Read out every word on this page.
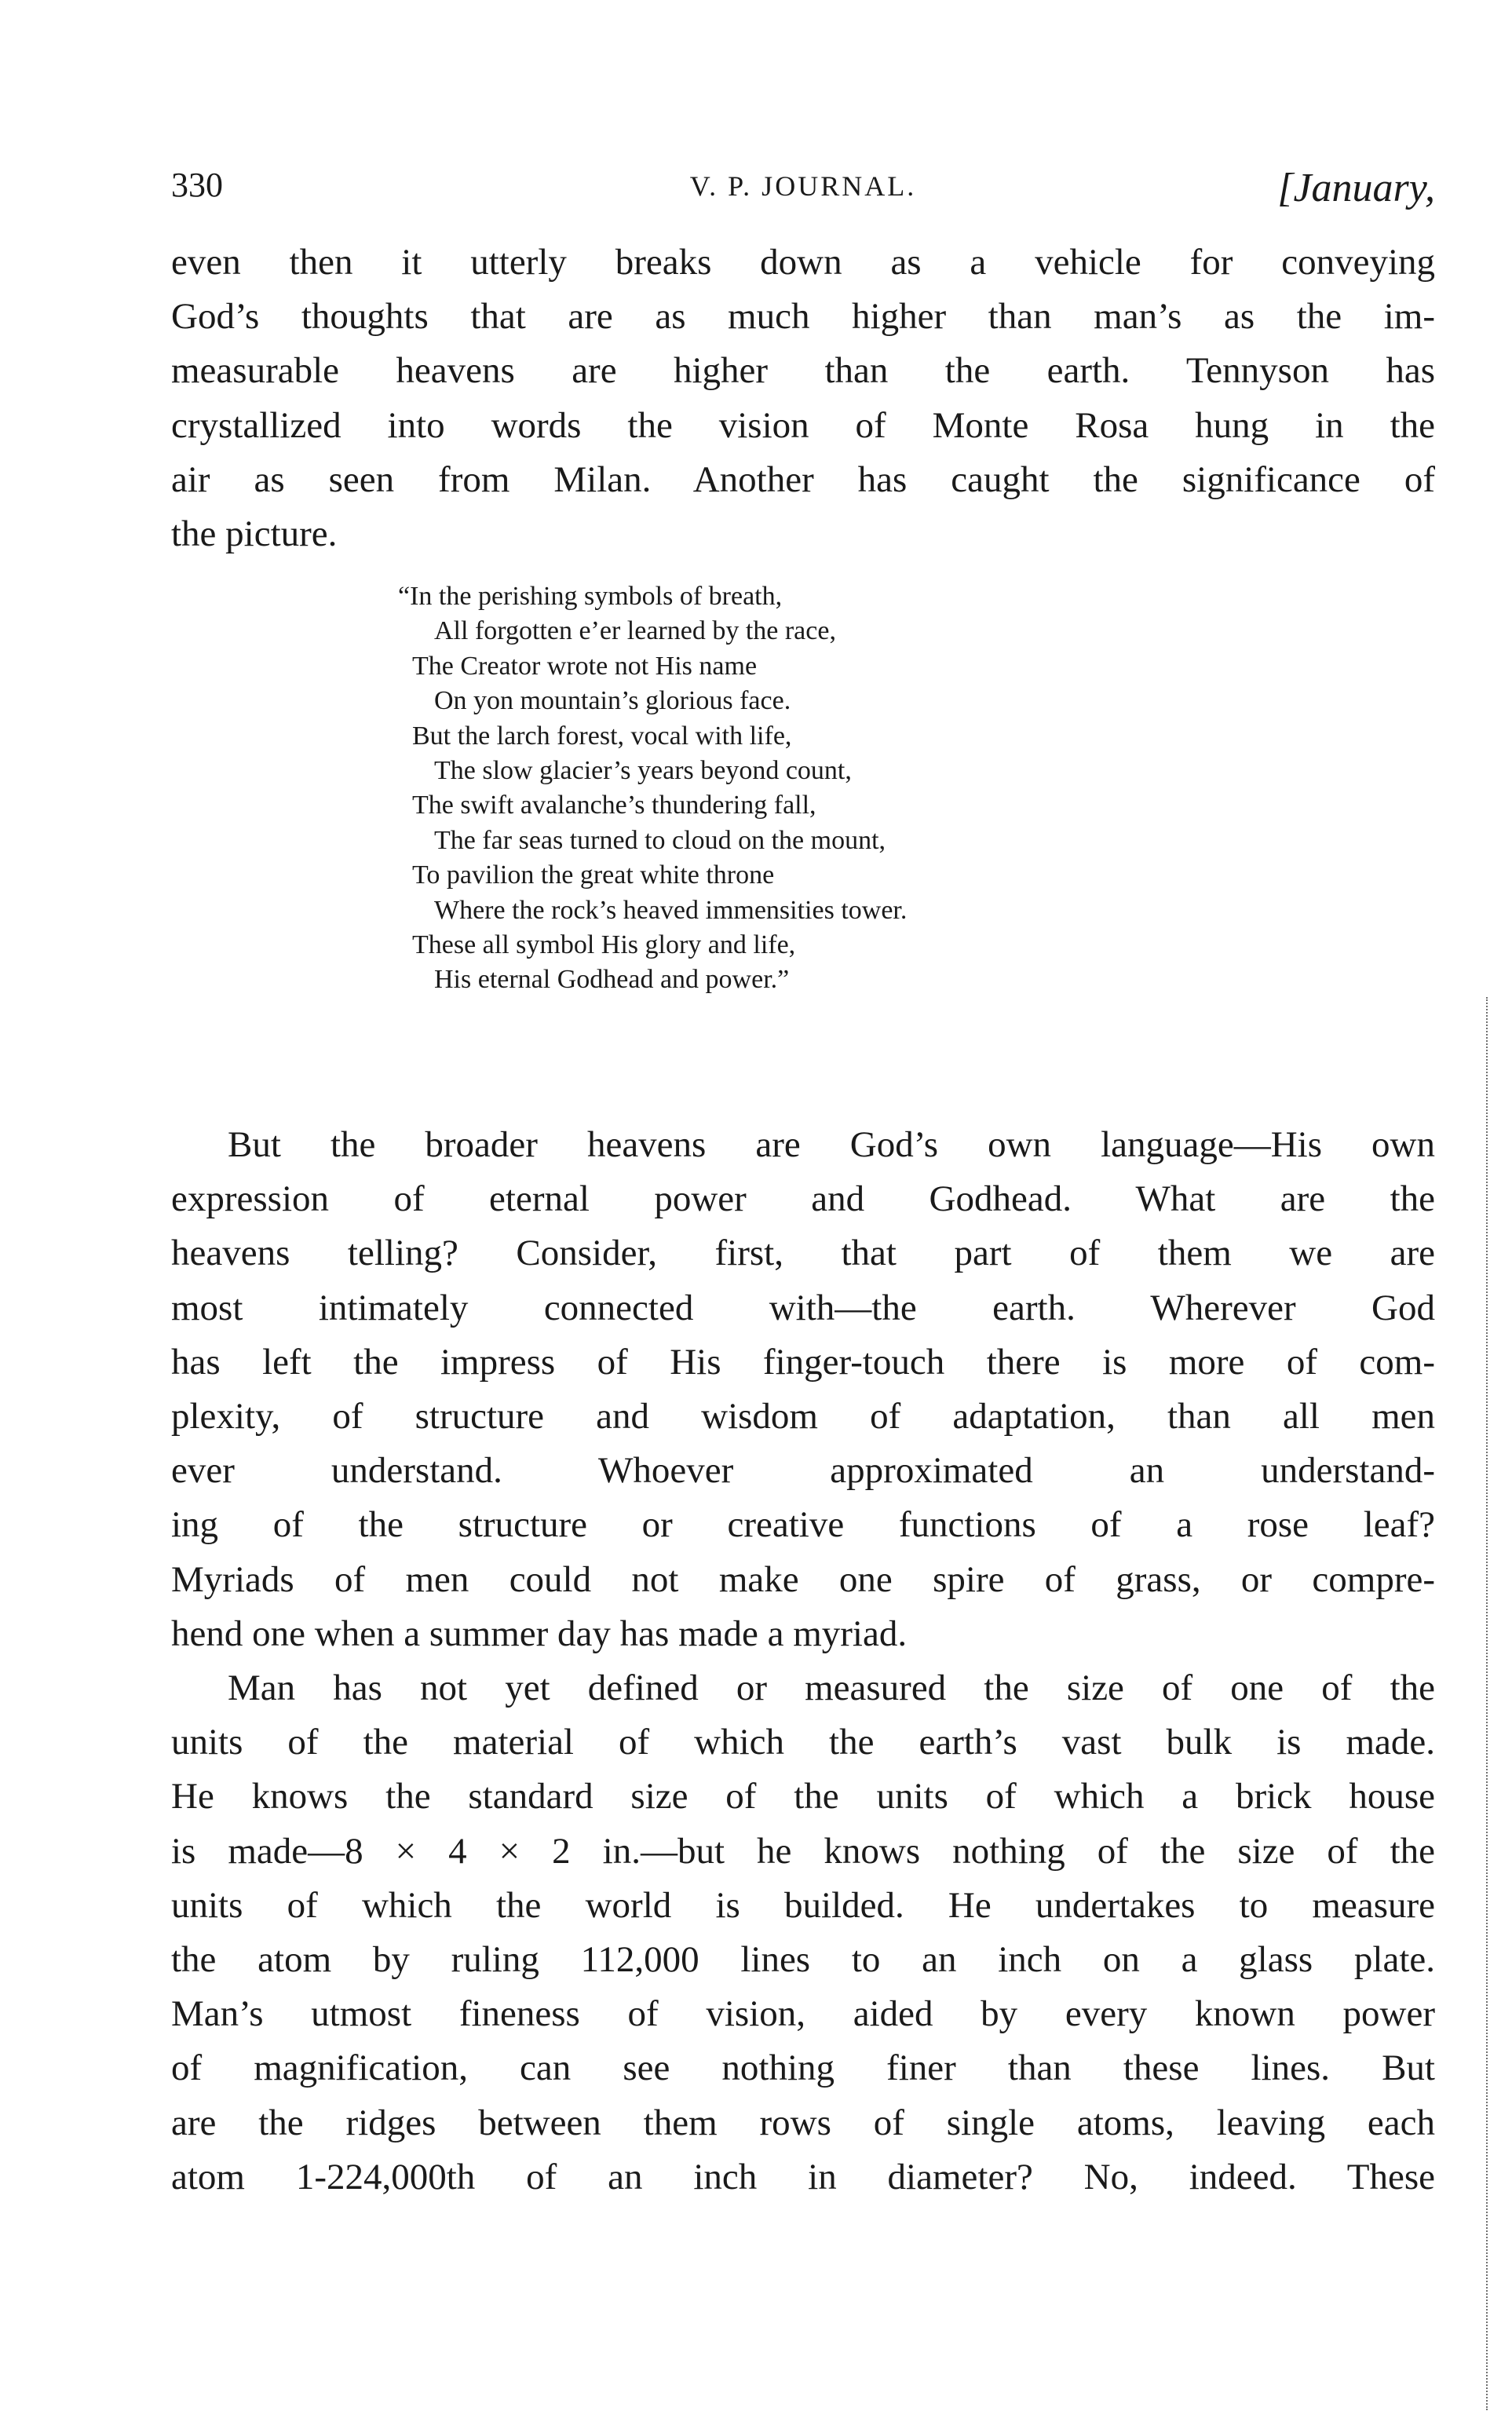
330	V. P. JOURNAL.	[January,

even then it utterly breaks down as a vehicle for conveying
God’s thoughts that are as much higher than man’s as the im-
measurable heavens are higher than the earth. Tennyson has
crystallized into words the vision of Monte Rosa hung in the
air as seen from Milan. Another has caught the significance of
the picture.

“In the perishing symbols of breath,
All forgotten e’er learned by the race,
The Creator wrote not His name
On yon mountain’s glorious face.
But the larch forest, vocal with life,
The slow glacier’s years beyond count,
The swift avalanche’s thundering fall,
The far seas turned to cloud on the mount,
To pavilion the great white throne
Where the rock’s heaved immensities tower.
These all symbol His glory and life,
His eternal Godhead and power.”

But the broader heavens are God’s own language—His own
expression of eternal power and Godhead. What are the
heavens telling? Consider, first, that part of them we are
most intimately connected with—the earth. Wherever God
has left the impress of His finger-touch there is more of com-
plexity, of structure and wisdom of adaptation, than all men
ever understand. Whoever approximated an understand-
ing of the structure or creative functions of a rose leaf?
Myriads of men could not make one spire of grass, or compre-
hend one when a summer day has made a myriad.

Man has not yet defined or measured the size of one of the
units of the material of which the earth’s vast bulk is made.
He knows the standard size of the units of which a brick house
is made—8 × 4 × 2 in.—but he knows nothing of the size of the
units of which the world is builded. He undertakes to measure
the atom by ruling 112,000 lines to an inch on a glass plate.
Man’s utmost fineness of vision, aided by every known power
of magnification, can see nothing finer than these lines. But
are the ridges between them rows of single atoms, leaving each
atom 1-224,000th of an inch in diameter? No, indeed. These
